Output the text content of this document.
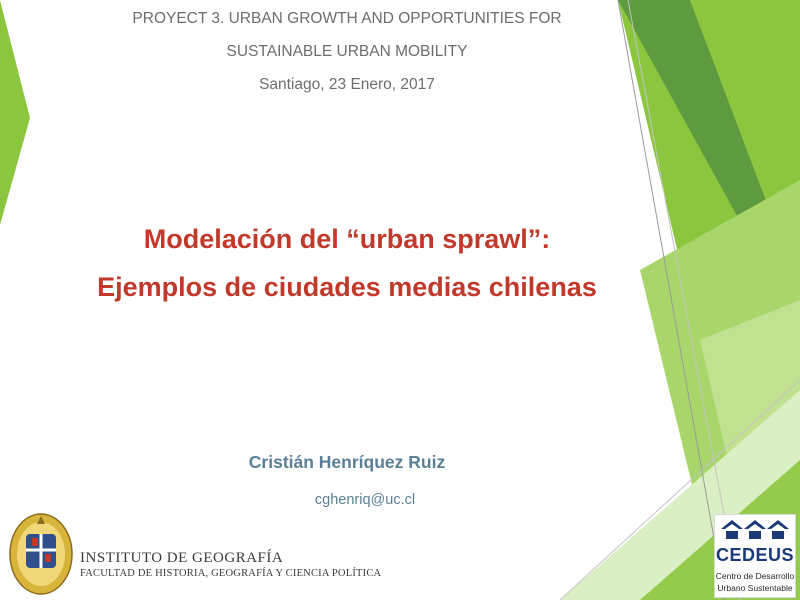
PROYECT 3. URBAN GROWTH AND OPPORTUNITIES FOR
SUSTAINABLE URBAN MOBILITY
Santiago, 23 Enero, 2017
Modelación del “urban sprawl”:
Ejemplos de ciudades medias chilenas
Cristián Henríquez Ruiz
cghenriq@uc.cl
INSTITUTO DE GEOGRAFÍA
FACULTAD DE HISTORIA, GEOGRAFÍA Y CIENCIA POLÍTICA
CEDEUS
Centro de Desarrollo
Urbano Sustentable
